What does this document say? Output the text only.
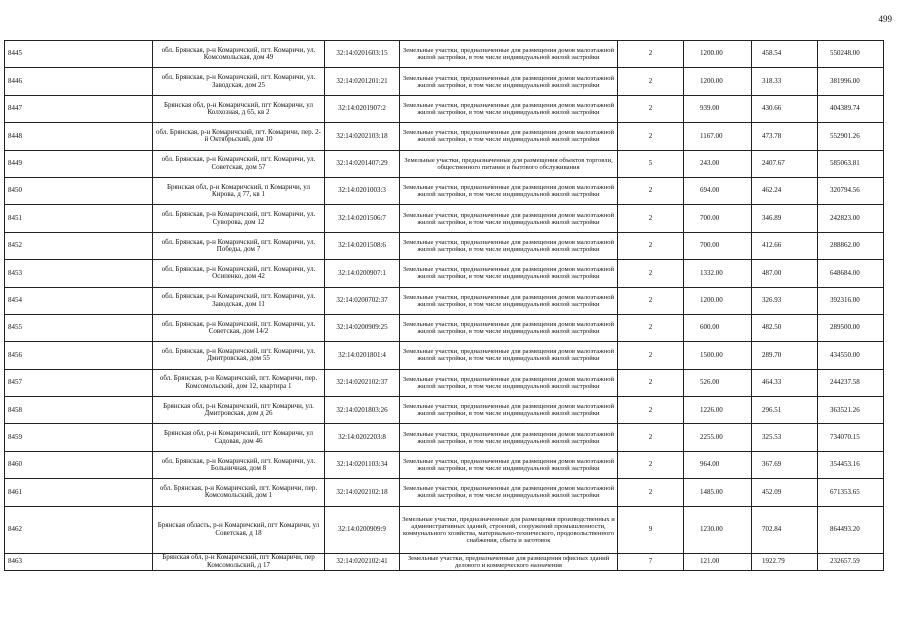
499
8445	обл. Брянская, р-н Комаричский, пгт. Комаричи, ул. Комсомольская, дом 49	32:14:0201603:15	Земельные участки, предназначенные для размещения домов малоэтажной жилой застройки, в том числе индивидуальной жилой застройки	2	1200.00	458.54	550248.00
8446	обл. Брянская, р-н Комаричский, пгт. Комаричи, ул. Заводская, дом 25	32:14:0201201:21	Земельные участки, предназначенные для размещения домов малоэтажной жилой застройки, в том числе индивидуальной жилой застройки	2	1200.00	318.33	381996.00
8447	Брянская обл, р-н Комаричский, пгт Комаричи, ул Колхозная, д 65, кв 2	32:14:0201907:2	Земельные участки, предназначенные для размещения домов малоэтажной жилой застройки, в том числе индивидуальной жилой застройки	2	939.00	430.66	404389.74
8448	обл. Брянская, р-н Комаричский, пгт. Комаричи, пер. 2-й Октябрьский, дом 10	32:14:0202103:18	Земельные участки, предназначенные для размещения домов малоэтажной жилой застройки, в том числе индивидуальной жилой застройки	2	1167.00	473.78	552901.26
8449	обл. Брянская, р-н Комаричский, пгт. Комаричи, ул. Советская, дом 57	32:14:0201407:29	Земельные участки, предназначенные для размещения объектов торговли, общественного питания и бытового обслуживания	5	243.00	2407.67	585063.81
8450	Брянская обл, р-н Комаричский, п Комаричи, ул Кирова, д 77, кв 1	32:14:0201003:3	Земельные участки, предназначенные для размещения домов малоэтажной жилой застройки, в том числе индивидуальной жилой застройки	2	694.00	462.24	320794.56
8451	обл. Брянская, р-н Комаричский, пгт. Комаричи, ул. Суворова, дом 12	32:14:0201506:7	Земельные участки, предназначенные для размещения домов малоэтажной жилой застройки, в том числе индивидуальной жилой застройки	2	700.00	346.89	242823.00
8452	обл. Брянская, р-н Комаричский, пгт. Комаричи, ул. Победы, дом 7	32:14:0201508:6	Земельные участки, предназначенные для размещения домов малоэтажной жилой застройки, в том числе индивидуальной жилой застройки	2	700.00	412.66	288862.00
8453	обл. Брянская, р-н Комаричский, пгт. Комаричи, ул. Осипенко, дом 42	32:14:0200907:1	Земельные участки, предназначенные для размещения домов малоэтажной жилой застройки, в том числе индивидуальной жилой застройки	2	1332.00	487.00	648684.00
8454	обл. Брянская, р-н Комаричский, пгт. Комаричи, ул. Заводская, дом 11	32:14:0200702:37	Земельные участки, предназначенные для размещения домов малоэтажной жилой застройки, в том числе индивидуальной жилой застройки	2	1200.00	326.93	392316.00
8455	обл. Брянская, р-н Комаричский, пгт. Комаричи, ул. Советская, дом 14/2	32:14:0200909:25	Земельные участки, предназначенные для размещения домов малоэтажной жилой застройки, в том числе индивидуальной жилой застройки	2	600.00	482.50	289500.00
8456	обл. Брянская, р-н Комаричский, пгт. Комаричи, ул. Дмитровская, дом 55	32:14:0201801:4	Земельные участки, предназначенные для размещения домов малоэтажной жилой застройки, в том числе индивидуальной жилой застройки	2	1500.00	289.70	434550.00
8457	обл. Брянская, р-н Комаричский, пгт. Комаричи, пер. Комсомольский, дом 12, квартира 1	32:14:0202102:37	Земельные участки, предназначенные для размещения домов малоэтажной жилой застройки, в том числе индивидуальной жилой застройки	2	526.00	464.33	244237.58
8458	Брянская обл, р-н Комаричский, пгт Комаричи, ул. Дмитровская, дом д 26	32:14:0201803:26	Земельные участки, предназначенные для размещения домов малоэтажной жилой застройки, в том числе индивидуальной жилой застройки	2	1226.00	296.51	363521.26
8459	Брянская обл, р-н Комаричский, пгт Комаричи, ул Садовая, дом 46	32:14:0202203:8	Земельные участки, предназначенные для размещения домов малоэтажной жилой застройки, в том числе индивидуальной жилой застройки	2	2255.00	325.53	734070.15
8460	обл. Брянская, р-н Комаричский, пгт. Комаричи, ул. Больничная, дом 8	32:14:0201103:34	Земельные участки, предназначенные для размещения домов малоэтажной жилой застройки, в том числе индивидуальной жилой застройки	2	964.00	367.69	354453.16
8461	обл. Брянская, р-н Комаричский, пгт. Комаричи, пер. Комсомольский, дом 1	32:14:0202102:18	Земельные участки, предназначенные для размещения домов малоэтажной жилой застройки, в том числе индивидуальной жилой застройки	2	1485.00	452.09	671353.65
8462	Брянская область, р-н Комаричский, пгт Комаричи, ул Советская, д 18	32:14:0200909:9	Земельные участки, предназначенные для размещения производственных и административных зданий, строений, сооружений промышленности, коммунального хозяйства, материально-технического, продовольственного снабжения, сбыта и заготовок	9	1230.00	702.84	864493.20
8463	Брянская обл, р-н Комаричский, пгт Комаричи, пер Комсомольский, д 17	32:14:0202102:41	Земельные участки, предназначенные для размещения офисных зданий делового и коммерческого назначения	7	121.00	1922.79	232657.59
